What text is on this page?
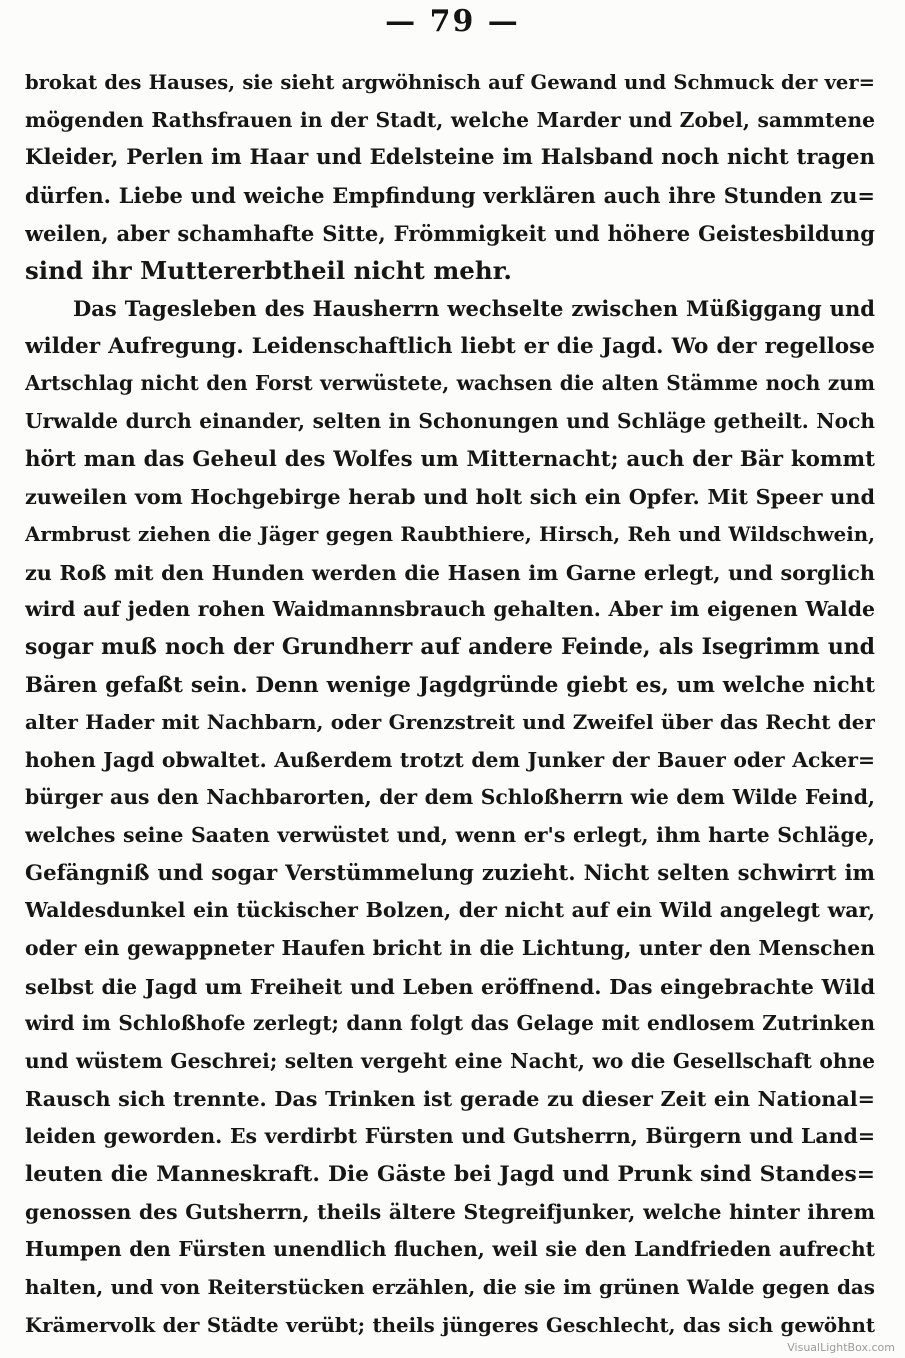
— 79 —
brokat des Hauses, sie sieht argwöhnisch auf Gewand und Schmuck der ver=
mögenden Rathsfrauen in der Stadt, welche Marder und Zobel, sammtene
Kleider, Perlen im Haar und Edelsteine im Halsband noch nicht tragen
dürfen. Liebe und weiche Empfindung verklären auch ihre Stunden zu=
weilen, aber schamhafte Sitte, Frömmigkeit und höhere Geistesbildung
sind ihr Muttererbtheil nicht mehr.
Das Tagesleben des Hausherrn wechselte zwischen Müßiggang und
wilder Aufregung. Leidenschaftlich liebt er die Jagd. Wo der regellose
Artschlag nicht den Forst verwüstete, wachsen die alten Stämme noch zum
Urwalde durch einander, selten in Schonungen und Schläge getheilt. Noch
hört man das Geheul des Wolfes um Mitternacht; auch der Bär kommt
zuweilen vom Hochgebirge herab und holt sich ein Opfer. Mit Speer und
Armbrust ziehen die Jäger gegen Raubthiere, Hirsch, Reh und Wildschwein,
zu Roß mit den Hunden werden die Hasen im Garne erlegt, und sorglich
wird auf jeden rohen Waidmannsbrauch gehalten. Aber im eigenen Walde
sogar muß noch der Grundherr auf andere Feinde, als Isegrimm und
Bären gefaßt sein. Denn wenige Jagdgründe giebt es, um welche nicht
alter Hader mit Nachbarn, oder Grenzstreit und Zweifel über das Recht der
hohen Jagd obwaltet. Außerdem trotzt dem Junker der Bauer oder Acker=
bürger aus den Nachbarorten, der dem Schloßherrn wie dem Wilde Feind,
welches seine Saaten verwüstet und, wenn er's erlegt, ihm harte Schläge,
Gefängniß und sogar Verstümmelung zuzieht. Nicht selten schwirrt im
Waldesdunkel ein tückischer Bolzen, der nicht auf ein Wild angelegt war,
oder ein gewappneter Haufen bricht in die Lichtung, unter den Menschen
selbst die Jagd um Freiheit und Leben eröffnend. Das eingebrachte Wild
wird im Schloßhofe zerlegt; dann folgt das Gelage mit endlosem Zutrinken
und wüstem Geschrei; selten vergeht eine Nacht, wo die Gesellschaft ohne
Rausch sich trennte. Das Trinken ist gerade zu dieser Zeit ein National=
leiden geworden. Es verdirbt Fürsten und Gutsherrn, Bürgern und Land=
leuten die Manneskraft. Die Gäste bei Jagd und Prunk sind Standes=
genossen des Gutsherrn, theils ältere Stegreifjunker, welche hinter ihrem
Humpen den Fürsten unendlich fluchen, weil sie den Landfrieden aufrecht
halten, und von Reiterstücken erzählen, die sie im grünen Walde gegen das
Krämervolk der Städte verübt; theils jüngeres Geschlecht, das sich gewöhnt
VisualLightBox.com
